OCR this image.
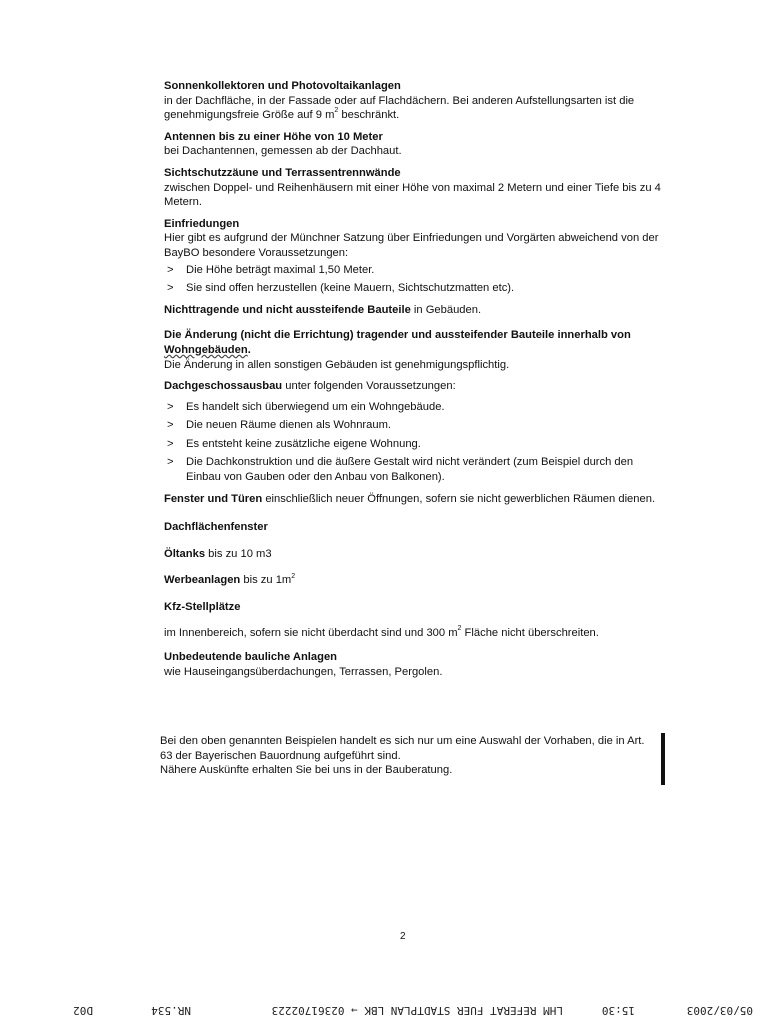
Sonnenkollektoren und Photovoltaikanlagen
in der Dachfläche, in der Fassade oder auf Flachdächern. Bei anderen Aufstellungsarten ist die genehmigungsfreie Größe auf 9 $m^2$ beschränkt.
Antennen bis zu einer Höhe von 10 Meter
bei Dachantennen, gemessen ab der Dachhaut.
Sichtschutzzäune und Terrassentrennwände
zwischen Doppel- und Reihenhäusern mit einer Höhe von maximal 2 Metern und einer Tiefe bis zu 4 Metern.
Einfriedungen
Hier gibt es aufgrund der Münchner Satzung über Einfriedungen und Vorgärten abweichend von der BayBO besondere Voraussetzungen:
> Die Höhe beträgt maximal 1,50 Meter.
> Sie sind offen herzustellen (keine Mauern, Sichtschutzmatten etc).
Nichttragende und nicht aussteifende Bauteile in Gebäuden.
Die Änderung (nicht die Errichtung) tragender und aussteifender Bauteile innerhalb von Wohngebäuden.
Die Änderung in allen sonstigen Gebäuden ist genehmigungspflichtig.
Dachgeschossausbau unter folgenden Voraussetzungen:
> Es handelt sich überwiegend um ein Wohngebäude.
> Die neuen Räume dienen als Wohnraum.
> Es entsteht keine zusätzliche eigene Wohnung.
> Die Dachkonstruktion und die äußere Gestalt wird nicht verändert (zum Beispiel durch den Einbau von Gauben oder den Anbau von Balkonen).
Fenster und Türen einschließlich neuer Öffnungen, sofern sie nicht gewerblichen Räumen dienen.
Dachflächenfenster
Öltanks bis zu 10 m3
Werbeanlagen bis zu $1m^2$
Kfz-Stellplätze
im Innenbereich, sofern sie nicht überdacht sind und 300 $m^2$ Fläche nicht überschreiten.
Unbedeutende bauliche Anlagen
wie Hauseingangsüberdachungen, Terrassen, Pergolen.
Bei den oben genannten Beispielen handelt es sich nur um eine Auswahl der Vorhaben, die in Art. 63 der Bayerischen Bauordnung aufgeführt sind.
Nähere Auskünfte erhalten Sie bei uns in der Bauberatung.
2
05/03/2003
15:30
LHM REFERAT FUER STADTPLAN LBK → 02361702223
NR.534
D02
